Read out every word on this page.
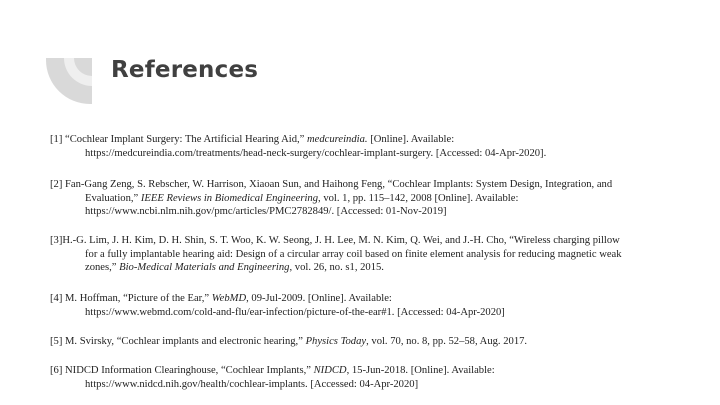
References
[1] “Cochlear Implant Surgery: The Artificial Hearing Aid,” medcureindia. [Online]. Available:
https://medcureindia.com/treatments/head-neck-surgery/cochlear-implant-surgery. [Accessed: 04-Apr-2020].
[2] Fan-Gang Zeng, S. Rebscher, W. Harrison, Xiaoan Sun, and Haihong Feng, “Cochlear Implants: System Design, Integration, and
Evaluation,” IEEE Reviews in Biomedical Engineering, vol. 1, pp. 115–142, 2008 [Online]. Available:
https://www.ncbi.nlm.nih.gov/pmc/articles/PMC2782849/. [Accessed: 01-Nov-2019]
[3]H.-G. Lim, J. H. Kim, D. H. Shin, S. T. Woo, K. W. Seong, J. H. Lee, M. N. Kim, Q. Wei, and J.-H. Cho, “Wireless charging pillow
for a fully implantable hearing aid: Design of a circular array coil based on finite element analysis for reducing magnetic weak
zones,” Bio-Medical Materials and Engineering, vol. 26, no. s1, 2015.
[4] M. Hoffman, “Picture of the Ear,” WebMD, 09-Jul-2009. [Online]. Available:
https://www.webmd.com/cold-and-flu/ear-infection/picture-of-the-ear#1. [Accessed: 04-Apr-2020]
[5] M. Svirsky, “Cochlear implants and electronic hearing,” Physics Today, vol. 70, no. 8, pp. 52–58, Aug. 2017.
[6] NIDCD Information Clearinghouse, “Cochlear Implants,” NIDCD, 15-Jun-2018. [Online]. Available:
https://www.nidcd.nih.gov/health/cochlear-implants. [Accessed: 04-Apr-2020]
